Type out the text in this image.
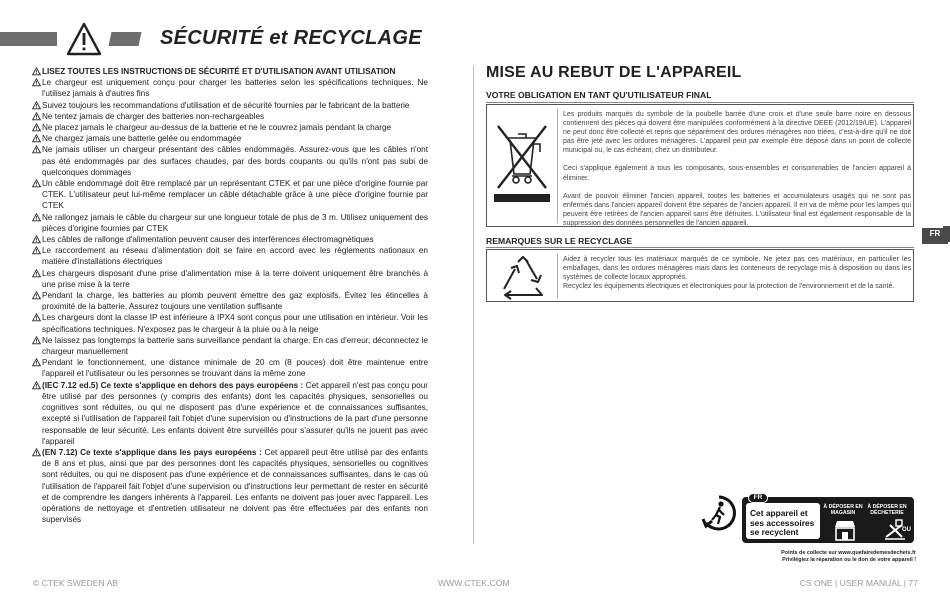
SÉCURITÉ et RECYCLAGE
LISEZ TOUTES LES INSTRUCTIONS DE SÉCURITÉ ET D'UTILISATION AVANT UTILISATION
Le chargeur est uniquement conçu pour charger les batteries selon les spécifications techniques. Ne l'utilisez jamais à d'autres fins
Suivez toujours les recommandations d'utilisation et de sécurité fournies par le fabricant de la batterie
Ne tentez jamais de charger des batteries non-rechargeables
Ne placez jamais le chargeur au-dessus de la batterie et ne le couvrez jamais pendant la charge
Ne chargez jamais une batterie gelée ou endommagée
Ne jamais utiliser un chargeur présentant des câbles endommagés. Assurez-vous que les câbles n'ont pas été endommagés par des surfaces chaudes, par des bords coupants ou qu'ils n'ont pas subi de quelconques dommages
Un câble endommagé doit être remplacé par un représentant CTEK et par une pièce d'origine fournie par CTEK. L'utilisateur peut lui-même remplacer un câble détachable grâce à une pièce d'origine fournie par CTEK
Ne rallongez jamais le câble du chargeur sur une longueur totale de plus de 3 m. Utilisez uniquement des pièces d'origine fournies par CTEK
Les câbles de rallonge d'alimentation peuvent causer des interférences électromagnétiques
Le raccordement au réseau d'alimentation doit se faire en accord avec les règlements nationaux en matière d'installations électriques
Les chargeurs disposant d'une prise d'alimentation mise à la terre doivent uniquement être branchés à une prise mise à la terre
Pendant la charge, les batteries au plomb peuvent émettre des gaz explosifs. Évitez les étincelles à proximité de la batterie. Assurez toujours une ventilation suffisante
Les chargeurs dont la classe IP est inférieure à IPX4 sont conçus pour une utilisation en intérieur. Voir les spécifications techniques. N'exposez pas le chargeur à la pluie ou à la neige
Ne laissez pas longtemps la batterie sans surveillance pendant la charge. En cas d'erreur, déconnectez le chargeur manuellement
Pendant le fonctionnement, une distance minimale de 20 cm (8 pouces) doit être maintenue entre l'appareil et l'utilisateur ou les personnes se trouvant dans la même zone
(IEC 7.12 ed.5) Ce texte s'applique en dehors des pays européens : Cet appareil n'est pas conçu pour être utilisé par des personnes (y compris des enfants) dont les capacités physiques, sensorielles ou cognitives sont réduites, ou qui ne disposent pas d'une expérience et de connaissances suffisantes, excepté si l'utilisation de l'appareil fait l'objet d'une supervision ou d'instructions de la part d'une personne responsable de leur sécurité. Les enfants doivent être surveillés pour s'assurer qu'ils ne jouent pas avec l'appareil
(EN 7.12) Ce texte s'applique dans les pays européens : Cet appareil peut être utilisé par des enfants de 8 ans et plus, ainsi que par des personnes dont les capacités physiques, sensorielles ou cognitives sont réduites, ou qui ne disposent pas d'une expérience et de connaissances suffisantes, dans le cas où l'utilisation de l'appareil fait l'objet d'une supervision ou d'instructions leur permettant de rester en sécurité et de comprendre les dangers inhérents à l'appareil. Les enfants ne doivent pas jouer avec l'appareil. Les opérations de nettoyage et d'entretien utilisateur ne doivent pas être effectuées par des enfants non supervisés
MISE AU REBUT DE L'APPAREIL
VOTRE OBLIGATION EN TANT QU'UTILISATEUR FINAL

Les produits marqués du symbole de la poubelle barrée d'une croix et d'une seule barre noire en dessous contiennent des pièces qui doivent être manipulées conformément à la directive DEEE (2012/19/UE). L'appareil ne peut donc être collecté et repris que séparément des ordures ménagères non triées, c'est-à-dire qu'il ne doit pas être jeté avec les ordures ménagères. L'appareil peut par exemple être déposé dans un point de collecte municipal ou, le cas échéant, chez un distributeur.

Ceci s'applique également à tous les composants, sous-ensembles et consommables de l'ancien appareil à éliminer.

Avant de pouvoir éliminer l'ancien appareil, toutes les batteries et accumulateurs usagés qui ne sont pas enfermés dans l'ancien appareil doivent être séparés de l'ancien appareil. Il en va de même pour les lampes qui peuvent être retirées de l'ancien appareil sans être détruites. L'utilisateur final est également responsable de la suppression des données personnelles de l'ancien appareil.

REMARQUES SUR LE RECYCLAGE

Aidez à recycler tous les matériaux marqués de ce symbole. Ne jetez pas ces matériaux, en particulier les emballages, dans les ordures ménagères mais dans les conteneurs de recyclage mis à disposition ou dans les systèmes de collecte locaux appropriés.

Recyclez les équipements électriques et électroniques pour la protection de l'environnement et de la santé.

FR
À DÉPOSER EN MAGASIN
À DÉPOSER EN DÉCHETERIE
OU
FR
Cet appareil et ses accessoires se recyclent
Points de collecte sur www.quefairedemesdechets.fr
Privilégiez la réparation ou le don de votre appareil !
© CTEK SWEDEN AB	WWW.CTEK.COM	CS ONE | USER MANUAL | 77
